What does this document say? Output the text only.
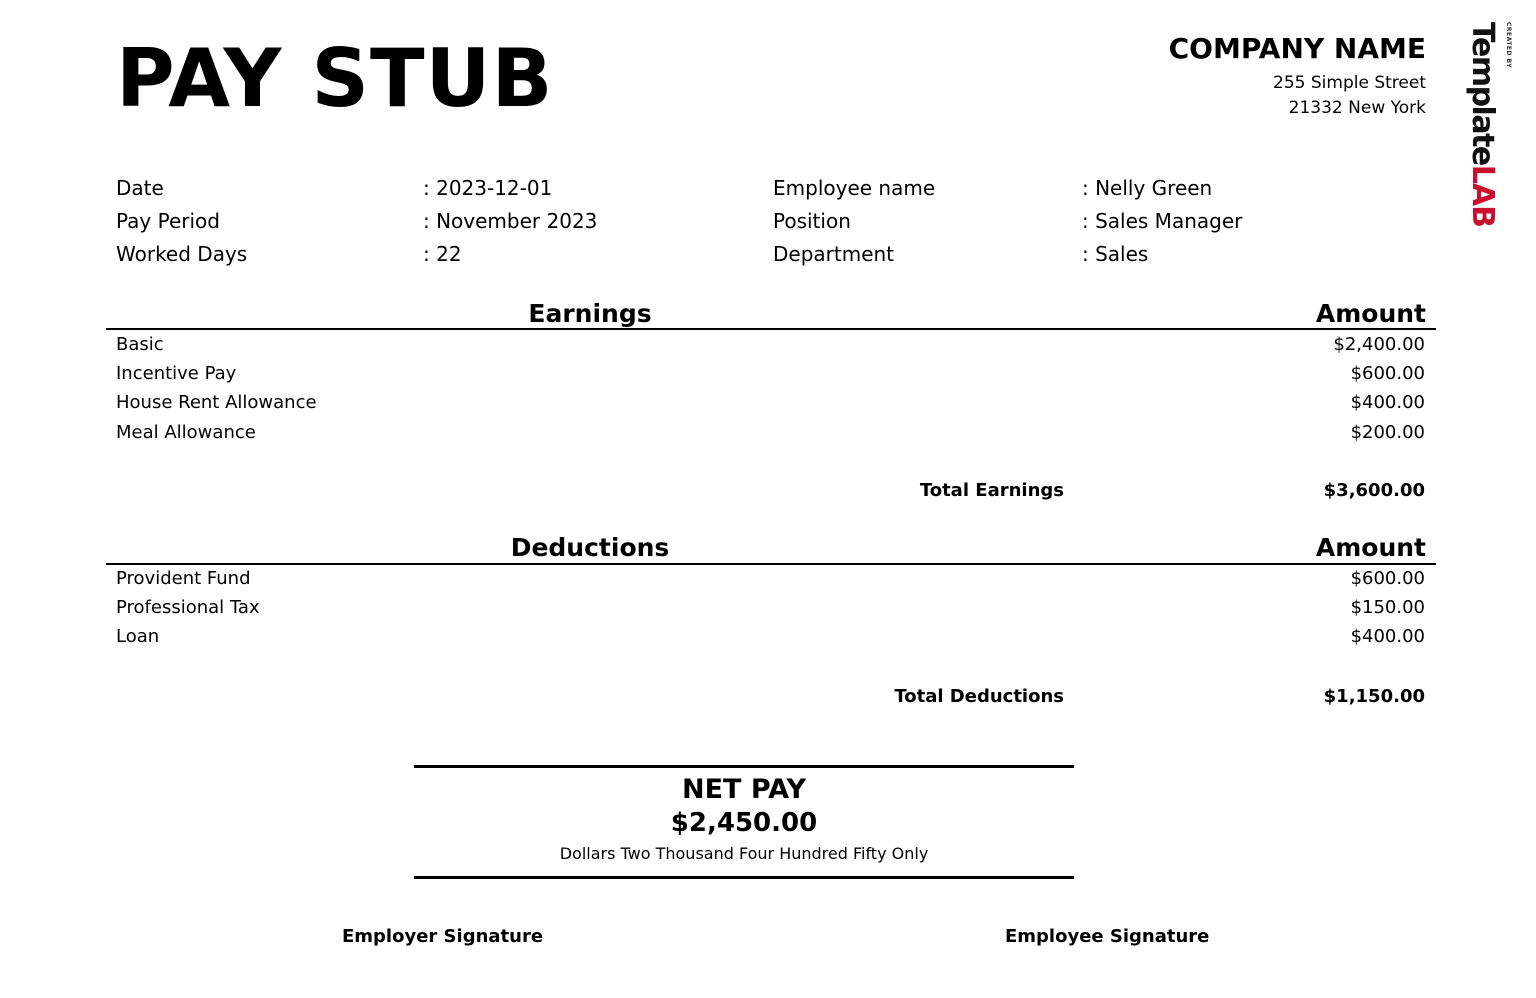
PAY STUB	COMPANY NAME
255 Simple Street
21332 New York
CREATED BY
TemplateLAB
Date	: 2023-12-01
Pay Period	: November 2023
Worked Days	: 22
Employee name	: Nelly Green
Position	: Sales Manager
Department	: Sales
Earnings	Amount
Basic	$2,400.00
Incentive Pay	$600.00
House Rent Allowance	$400.00
Meal Allowance	$200.00
Total Earnings	$3,600.00
Deductions	Amount
Provident Fund	$600.00
Professional Tax	$150.00
Loan	$400.00
Total Deductions	$1,150.00
NET PAY
$2,450.00
Dollars Two Thousand Four Hundred Fifty Only
Employer Signature	Employee Signature
